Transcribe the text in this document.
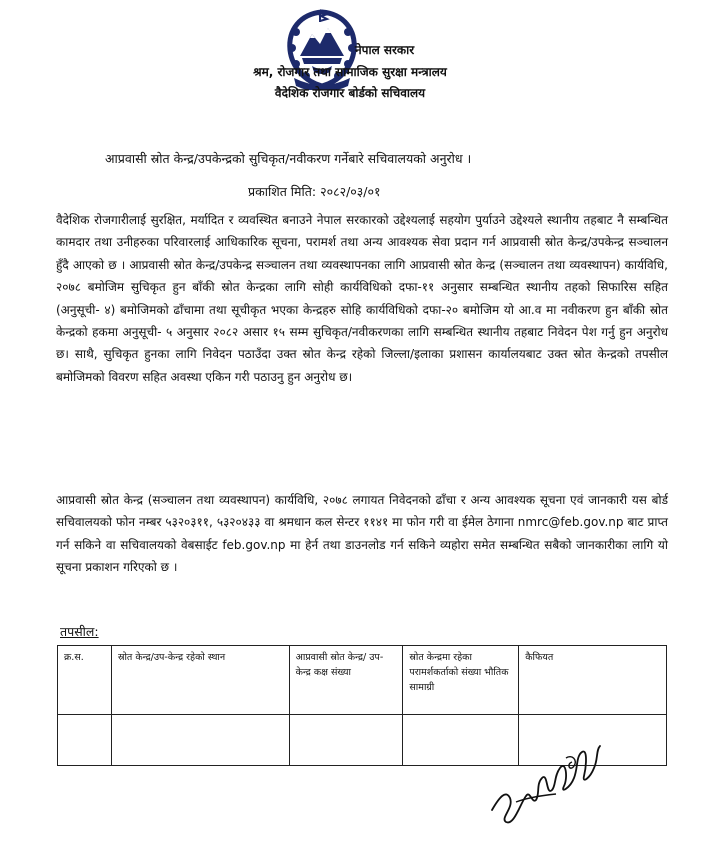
नेपाल सरकार
श्रम, रोजगार तथा सामाजिक सुरक्षा मन्त्रालय
वैदेशिक रोजगार बोर्डको सचिवालय
आप्रवासी स्रोत केन्द्र/उपकेन्द्रको सुचिकृत/नवीकरण गर्नेबारे सचिवालयको अनुरोध ।
प्रकाशित मिति: २०८२/०३/०१
वैदेशिक रोजगारीलाई सुरक्षित, मर्यादित र व्यवस्थित बनाउने नेपाल सरकारको उद्देश्यलाई सहयोग पुर्याउने उद्देश्यले स्थानीय तहबाट नै सम्बन्धित कामदार तथा उनीहरुका परिवारलाई आधिकारिक सूचना, परामर्श तथा अन्य आवश्यक सेवा प्रदान गर्न आप्रवासी स्रोत केन्द्र/उपकेन्द्र सञ्चालन हुँदै आएको छ । आप्रवासी स्रोत केन्द्र/उपकेन्द्र सञ्चालन तथा व्यवस्थापनका लागि आप्रवासी स्रोत केन्द्र (सञ्चालन तथा व्यवस्थापन) कार्यविधि, २०७८ बमोजिम सुचिकृत हुन बाँकी स्रोत केन्द्रका लागि सोही कार्यविधिको दफा-११ अनुसार सम्बन्धित स्थानीय तहको सिफारिस सहित (अनुसूची- ४) बमोजिमको ढाँचामा तथा सूचीकृत भएका केन्द्रहरु सोहि कार्यविधिको दफा-२० बमोजिम यो आ.व मा नवीकरण हुन बाँकी स्रोत केन्द्रको हकमा अनुसूची- ५ अनुसार २०८२ असार १५ सम्म सुचिकृत/नवीकरणका लागि सम्बन्धित स्थानीय तहबाट निवेदन पेश गर्नु हुन अनुरोध छ। साथै, सुचिकृत हुनका लागि निवेदन पठाउँदा उक्त स्रोत केन्द्र रहेको जिल्ला/इलाका प्रशासन कार्यालयबाट उक्त स्रोत केन्द्रको तपसील बमोजिमको विवरण सहित अवस्था एकिन गरी पठाउनु हुन अनुरोध छ।
आप्रवासी स्रोत केन्द्र (सञ्चालन तथा व्यवस्थापन) कार्यविधि, २०७८ लगायत निवेदनको ढाँचा र अन्य आवश्यक सूचना एवं जानकारी यस बोर्ड सचिवालयको फोन नम्बर ५३२०३११, ५३२०४३३ वा श्रमधान कल सेन्टर ११४१ मा फोन गरी वा ईमेल ठेगाना nmrc@feb.gov.np बाट प्राप्त गर्न सकिने वा सचिवालयको वेबसाईट feb.gov.np मा हेर्न तथा डाउनलोड गर्न सकिने व्यहोरा समेत सम्बन्धित सबैको जानकारीका लागि यो सूचना प्रकाशन गरिएको छ ।
तपसील:
क्र.स.	स्रोत केन्द्र/उप-केन्द्र रहेको स्थान	आप्रवासी स्रोत केन्द्र/ उप-केन्द्र कक्ष संख्या	स्रोत केन्द्रमा रहेका परामर्शकर्ताको संख्या भौतिक सामाग्री	कैफियत
